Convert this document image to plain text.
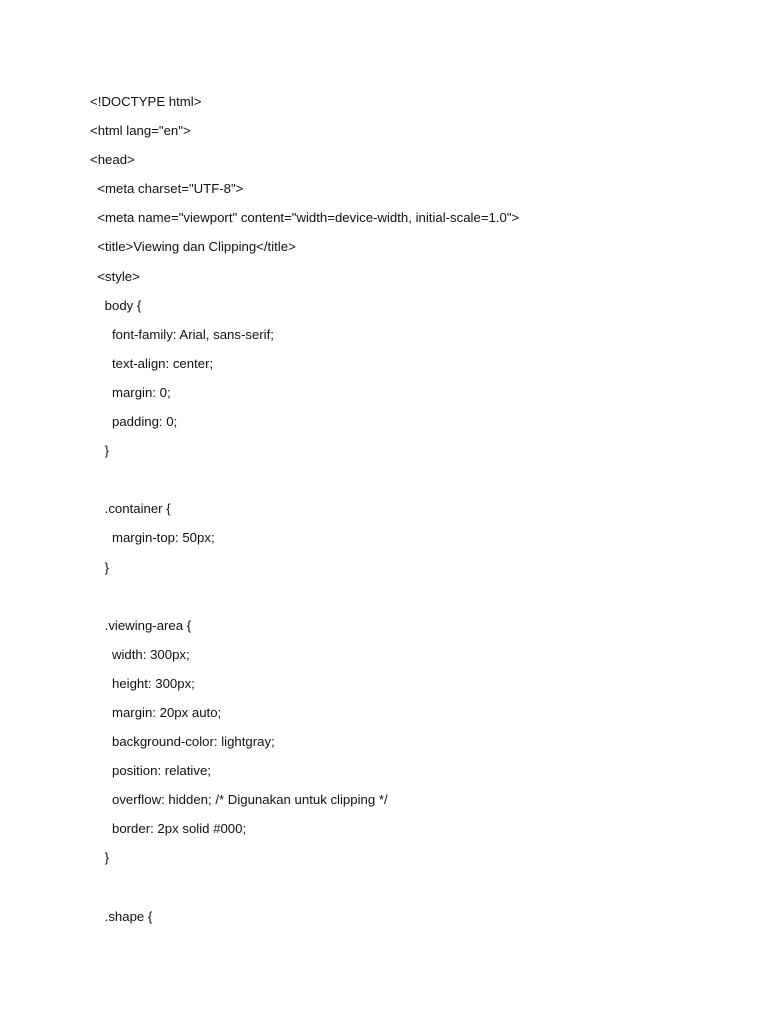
<!DOCTYPE html>
<html lang="en">
<head>
<meta charset="UTF-8">
<meta name="viewport" content="width=device-width, initial-scale=1.0">
<title>Viewing dan Clipping</title>
<style>
body {
font-family: Arial, sans-serif;
text-align: center;
margin: 0;
padding: 0;
}
.container {
margin-top: 50px;
}
.viewing-area {
width: 300px;
height: 300px;
margin: 20px auto;
background-color: lightgray;
position: relative;
overflow: hidden; /* Digunakan untuk clipping */
border: 2px solid #000;
}
.shape {
